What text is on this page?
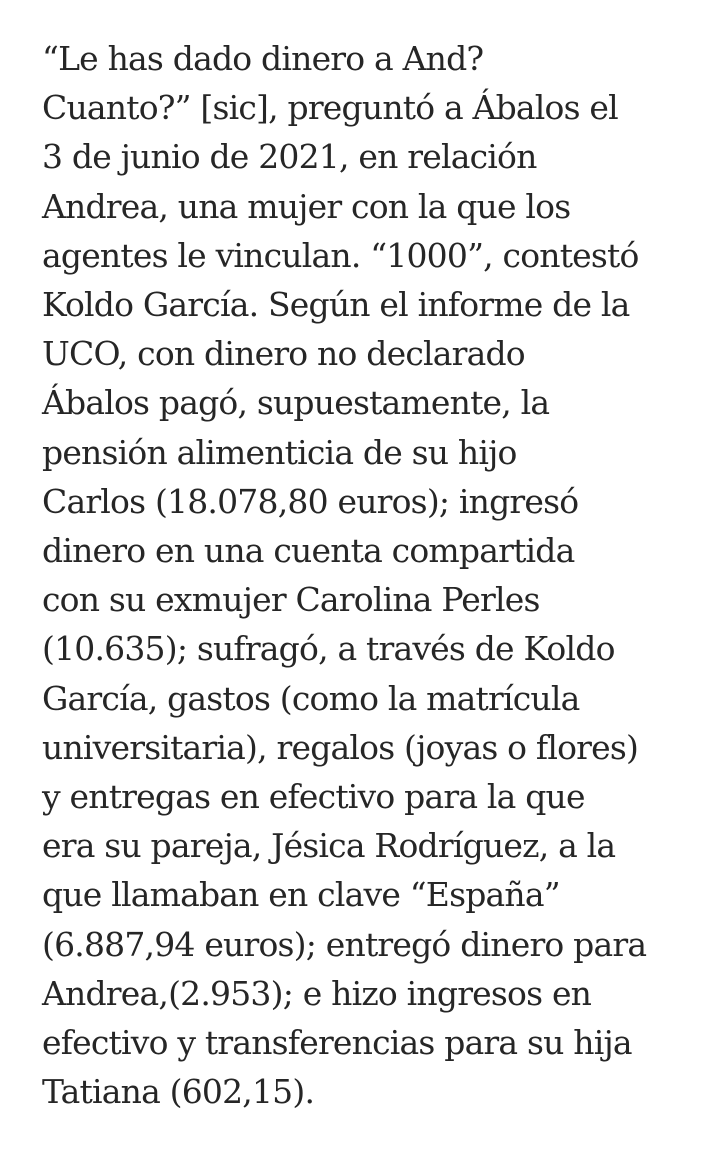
“Le has dado dinero a And?
Cuanto?” [sic], preguntó a Ábalos el
3 de junio de 2021, en relación
Andrea, una mujer con la que los
agentes le vinculan. “1000”, contestó
Koldo García. Según el informe de la
UCO, con dinero no declarado
Ábalos pagó, supuestamente, la
pensión alimenticia de su hijo
Carlos (18.078,80 euros); ingresó
dinero en una cuenta compartida
con su exmujer Carolina Perles
(10.635); sufragó, a través de Koldo
García, gastos (como la matrícula
universitaria), regalos (joyas o flores)
y entregas en efectivo para la que
era su pareja, Jésica Rodríguez, a la
que llamaban en clave “España”
(6.887,94 euros); entregó dinero para
Andrea,(2.953); e hizo ingresos en
efectivo y transferencias para su hija
Tatiana (602,15).
